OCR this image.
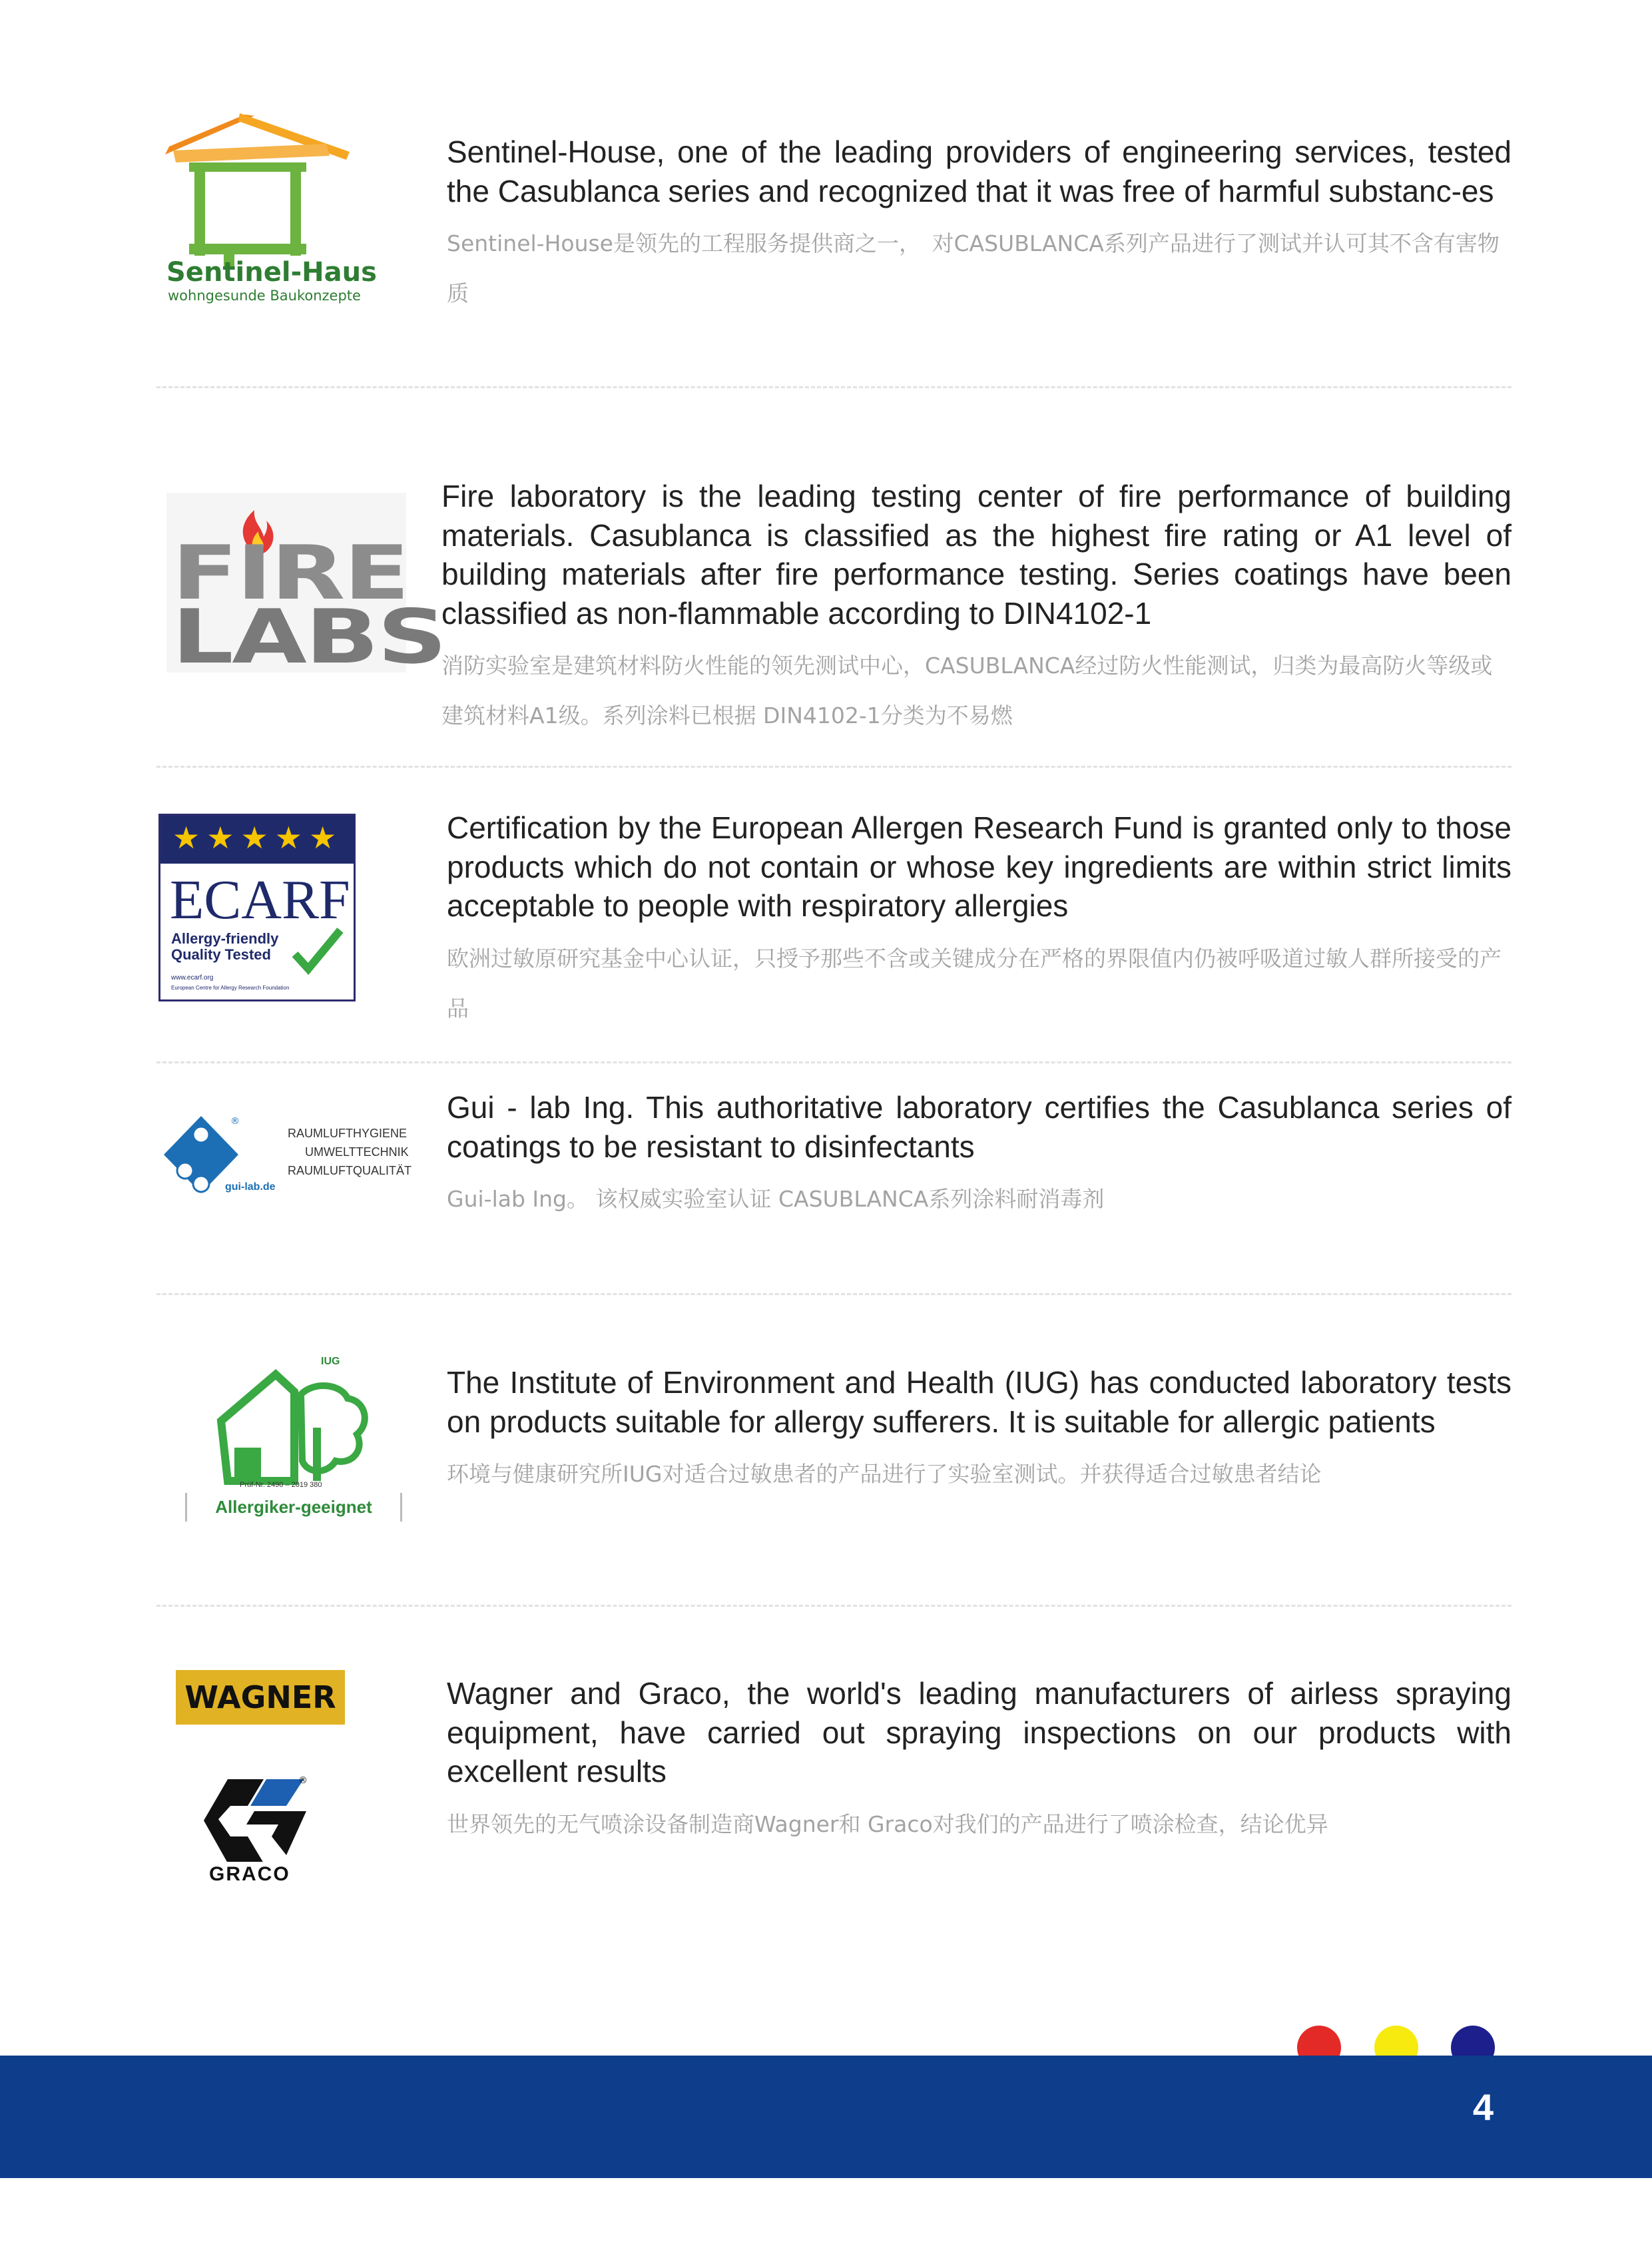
Sentinel-Haus
wohngesunde Baukonzepte

Sentinel-House, one of the leading providers of engineering services, tested the Casublanca series and recognized that it was free of harmful substanc-es

Sentinel-House是领先的工程服务提供商之一，　对CASUBLANCA系列产品进行了测试并认可其不含有害物质

FIRE
LABS

Fire laboratory is the leading testing center of fire performance of building materials. Casublanca is classified as the highest fire rating or A1 level of building materials after fire performance testing. Series coatings have been classified as non-flammable according to DIN4102-1

消防实验室是建筑材料防火性能的领先测试中心，CASUBLANCA经过防火性能测试，归类为最高防火等级或建筑材料A1级。系列涂料已根据 DIN4102-1分类为不易燃

★★★★★
ECARF
Allergy-friendly
Quality Tested
www.ecarf.org
European Centre for Allergy Research Foundation

Certification by the European Allergen Research Fund is granted only to those products which do not contain or whose key ingredients are within strict limits acceptable to people with respiratory allergies

欧洲过敏原研究基金中心认证，只授予那些不含或关键成分在严格的界限值内仍被呼吸道过敏人群所接受的产品

®
gui-lab.de
RAUMLUFTHYGIENE
UMWELTTECHNIK
RAUMLUFTQUALITÄT

Gui - lab Ing. This authoritative laboratory certifies the Casublanca series of coatings to be resistant to disinfectants

Gui-lab Ing。 该权威实验室认证 CASUBLANCA系列涂料耐消毒剂

IUG
Prüf-Nr. 2490 – 2019 380
Allergiker-geeignet

The Institute of Environment and Health (IUG) has conducted laboratory tests on products suitable for allergy sufferers. It is suitable for allergic patients

环境与健康研究所IUG对适合过敏患者的产品进行了实验室测试。并获得适合过敏患者结论

WAGNER
®
GRACO

Wagner and Graco, the world's leading manufacturers of airless spraying equipment, have carried out spraying inspections on our products with excellent results

世界领先的无气喷涂设备制造商Wagner和 Graco对我们的产品进行了喷涂检查，结论优异

4
